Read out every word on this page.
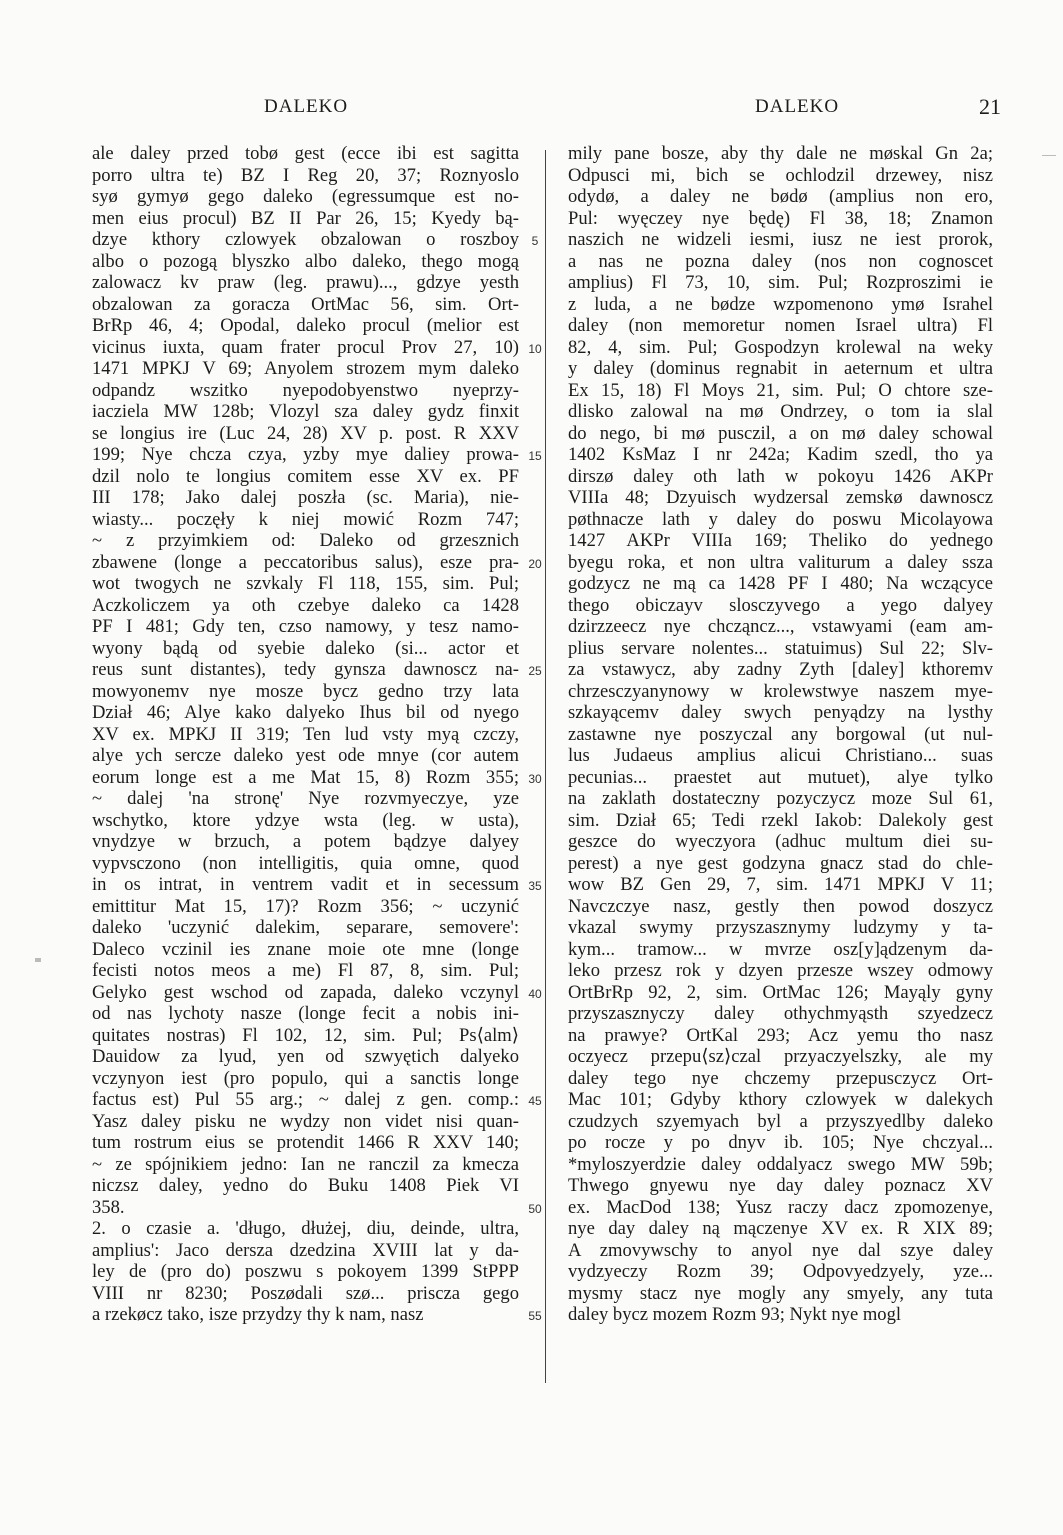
DALEKO	DALEKO	21
ale daley przed tobø gest (ecce ibi est sagitta
porro ultra te) BZ I Reg 20, 37; Roznyoslo
syø gymyø gego daleko (egressumque est no-
men eius procul) BZ II Par 26, 15; Kyedy bą-
dzye kthory czlowyek obzalowan o roszboy
albo o pozogą blyszko albo daleko, thego mogą
zalowacz kv praw (leg. prawu)..., gdzye yesth
obzalowan za goracza OrtMac 56, sim. Ort-
BrRp 46, 4; Opodal, daleko procul (melior est
vicinus iuxta, quam frater procul Prov 27, 10)
1471 MPKJ V 69; Anyolem strozem mym daleko
odpandz wszitko nyepodobyenstwo nyeprzy-
iacziela MW 128b; Vlozyl sza daley gydz finxit
se longius ire (Luc 24, 28) XV p. post. R XXV
199; Nye chcza czya, yzby mye daliey prowa-
dzil nolo te longius comitem esse XV ex. PF
III 178; Jako dalej poszła (sc. Maria), nie-
wiasty... poczęły k niej mowić Rozm 747;
~ z przyimkiem od: Daleko od grzesznich
zbawene (longe a peccatoribus salus), esze pra-
wot twogych ne szvkaly Fl 118, 155, sim. Pul;
Aczkoliczem ya oth czebye daleko ca 1428
PF I 481; Gdy ten, czso namowy, y tesz namo-
wyony bądą od syebie daleko (si... actor et
reus sunt distantes), tedy gynsza dawnoscz na-
mowyonemv nye mosze bycz gedno trzy lata
Dział 46; Alye kako dalyeko Ihus bil od nyego
XV ex. MPKJ II 319; Ten lud vsty myą czczy,
alye ych sercze daleko yest ode mnye (cor autem
eorum longe est a me Mat 15, 8) Rozm 355;
~ dalej 'na stronę' Nye rozvmyeczye, yze
wschytko, ktore ydzye wsta (leg. w usta),
vnydzye w brzuch, a potem bądzye dalyey
vypvsczono (non intelligitis, quia omne, quod
in os intrat, in ventrem vadit et in secessum
emittitur Mat 15, 17)? Rozm 356; ~ uczynić
daleko 'uczynić dalekim, separare, semovere':
Daleco vczinil ies znane moie ote mne (longe
fecisti notos meos a me) Fl 87, 8, sim. Pul;
Gelyko gest wschod od zapada, daleko vczynyl
od nas lychoty nasze (longe fecit a nobis ini-
quitates nostras) Fl 102, 12, sim. Pul; Ps⟨alm⟩
Dauidow za lyud, yen od szwyętich dalyeko
vczynyon iest (pro populo, qui a sanctis longe
factus est) Pul 55 arg.; ~ dalej z gen. comp.:
Yasz daley pisku ne wydzy non videt nisi quan-
tum rostrum eius se protendit 1466 R XXV 140;
~ ze spójnikiem jedno: Ian ne ranczil za kmecza
niczsz daley, yedno do Buku 1408 Piek VI
358.
2. o czasie a. 'długo, dłużej, diu, deinde, ultra,
amplius': Jaco dersza dzedzina XVIII lat y da-
ley de (pro do) poszwu s pokoyem 1399 StPPP
VIII nr 8230; Poszødali szø... priscza gego
a rzekøcz tako, isze przydzy thy k nam, nasz
5
10
15
20
25
30
35
40
45
50
55
mily pane bosze, aby thy dale ne møskal Gn 2a;
Odpusci mi, bich se ochlodzil drzewey, nisz
odydø, a daley ne bødø (amplius non ero,
Pul: wyęczey nye będę) Fl 38, 18; Znamon
naszich ne widzeli iesmi, iusz ne iest prorok,
a nas ne pozna daley (nos non cognoscet
amplius) Fl 73, 10, sim. Pul; Rozproszimi ie
z luda, a ne bødze wzpomenono ymø Israhel
daley (non memoretur nomen Israel ultra) Fl
82, 4, sim. Pul; Gospodzyn krolewal na weky
y daley (dominus regnabit in aeternum et ultra
Ex 15, 18) Fl Moys 21, sim. Pul; O chtore sze-
dlisko zalowal na mø Ondrzey, o tom ia slal
do nego, bi mø pusczil, a on mø daley schowal
1402 KsMaz I nr 242a; Kadim szedl, tho ya
dirszø daley oth lath w pokoyu 1426 AKPr
VIIIa 48; Dzyuisch wydzersal zemskø dawnoscz
pøthnacze lath y daley do poswu Micolayowa
1427 AKPr VIIIa 169; Theliko do yednego
byegu roka, et non ultra valiturum a daley ssza
godzycz ne mą ca 1428 PF I 480; Na wczącyce
thego obiczayv slosczyvego a yego dalyey
dzirzzeecz nye chcząncz..., vstawyami (eam am-
plius servare nolentes... statuimus) Sul 22; Slv-
za vstawycz, aby zadny Zyth [daley] kthoremv
chrzesczyanynowy w krolewstwye naszem mye-
szkayącemv daley swych penyądzy na lysthy
zastawne nye poszyczal any borgowal (ut nul-
lus Judaeus amplius alicui Christiano... suas
pecunias... praestet aut mutuet), alye tylko
na zaklath dostateczny pozyczycz moze Sul 61,
sim. Dział 65; Tedi rzekl Iakob: Dalekoly gest
geszce do wyeczyora (adhuc multum diei su-
perest) a nye gest godzyna gnacz stad do chle-
wow BZ Gen 29, 7, sim. 1471 MPKJ V 11;
Navczczye nasz, gestly then powod doszycz
vkazal swymy przyszasznymy ludzymy y ta-
kym... tramow... w mvrze osz[y]ądzenym da-
leko przesz rok y dzyen przesze wszey odmowy
OrtBrRp 92, 2, sim. OrtMac 126; Mayąly gyny
przyszasznyczy daley othychmyąsth szyedzecz
na prawye? OrtKal 293; Acz yemu tho nasz
oczyecz przepu⟨sz⟩czal przyaczyelszky, ale my
daley tego nye chczemy przepusczycz Ort-
Mac 101; Gdyby kthory czlowyek w dalekych
czudzych szyemyach byl a przyszyedlby daleko
po rocze y po dnyv ib. 105; Nye chczyal...
*myloszyerdzie daley oddalyacz swego MW 59b;
Thwego gnyewu nye day daley poznacz XV
ex. MacDod 138; Yusz raczy dacz zpomozenye,
nye day daley ną mączenye XV ex. R XIX 89;
A zmovywschy to anyol nye dal szye daley
vydzyeczy Rozm 39; Odpovyedzyely, yze...
mysmy stacz nye mogly any smyely, any tuta
daley bycz mozem Rozm 93; Nykt nye mogl
